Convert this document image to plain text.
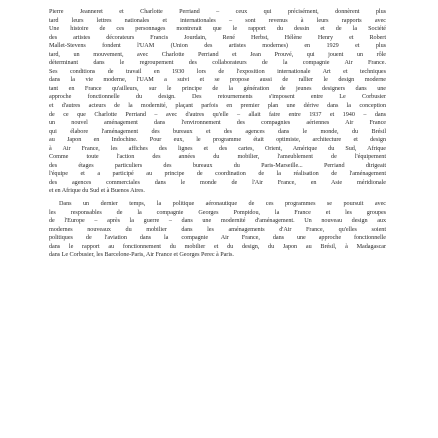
Pierre Jeanneret et Charlotte Perriand – ceux qui précisément, donnèrent plus
tard leurs lettres nationales et internationales – sont revenus à leurs rapports avec
Une histoire de ces personnages montrerait que le rapport du dessin et de la Société
des artistes décorateurs Francis Jourdain, René Herbst, Hélène Henry et Robert
Mallet-Stevens fondent l'UAM (Union des artistes modernes) en 1929 et plus
tard, un mouvement, avec Charlotte Perriand et Jean Prouvé, qui jouent un rôle
déterminant dans le regroupement des collaborateurs de la compagnie Air France.
Ses conditions de travail en 1930 lors de l'exposition internationale Art et techniques
dans la vie moderne, l'UAM a suivi et se propose aussi de rallier le design moderne
tant en France qu'ailleurs, sur le principe de la génération de jeunes designers dans une
approche fonctionnelle du design. Des retournements s'imposent entre Le Corbusier
et d'autres acteurs de la modernité, plaçant parfois en premier plan une dérive dans la conception
de ce que Charlotte Perriand – avec d'autres qu'elle – allait faire entre 1937 et 1940 – dans
un nouvel aménagement dans l'environnement des compagnies aériennes Air France
qui élabore l'aménagement des bureaux et des agences dans le monde, du Brésil
au Japon en Indochine. Pour eux, le programme était optimiste, architecture et design
à Air France, les affiches des lignes et des cartes, Orient, Amérique du Sud, Afrique
Comme toute l'action des années du mobilier, l'ameublement de l'équipement
des étages particuliers des bureaux du Paris-Marseille... Perriand dirigeait
l'équipe et a participé au principe de coordination de la réalisation de l'aménagement
des agences commerciales dans le monde de l'Air France, en Asie méridionale
et en Afrique du Sud et à Buenos Aires.
Dans un dernier temps, la politique aéronautique de ces programmes se poursuit avec
les responsables de la compagnie Georges Pompidou, la France et les groupes
de l'Europe – après la guerre – dans une modernité d'aménagement. Un nouveau design aux
modernes nouveaux du mobilier dans les aménagements d'Air France, qu'elles soient
politiques de l'aviation dans la compagnie Air France, dans une approche fonctionnelle
dans le rapport au fonctionnement du mobilier et du design, du Japon au Brésil, à Madagascar
dans Le Corbusier, les Barcelone-Paris, Air France et Georges Perec à Paris.
